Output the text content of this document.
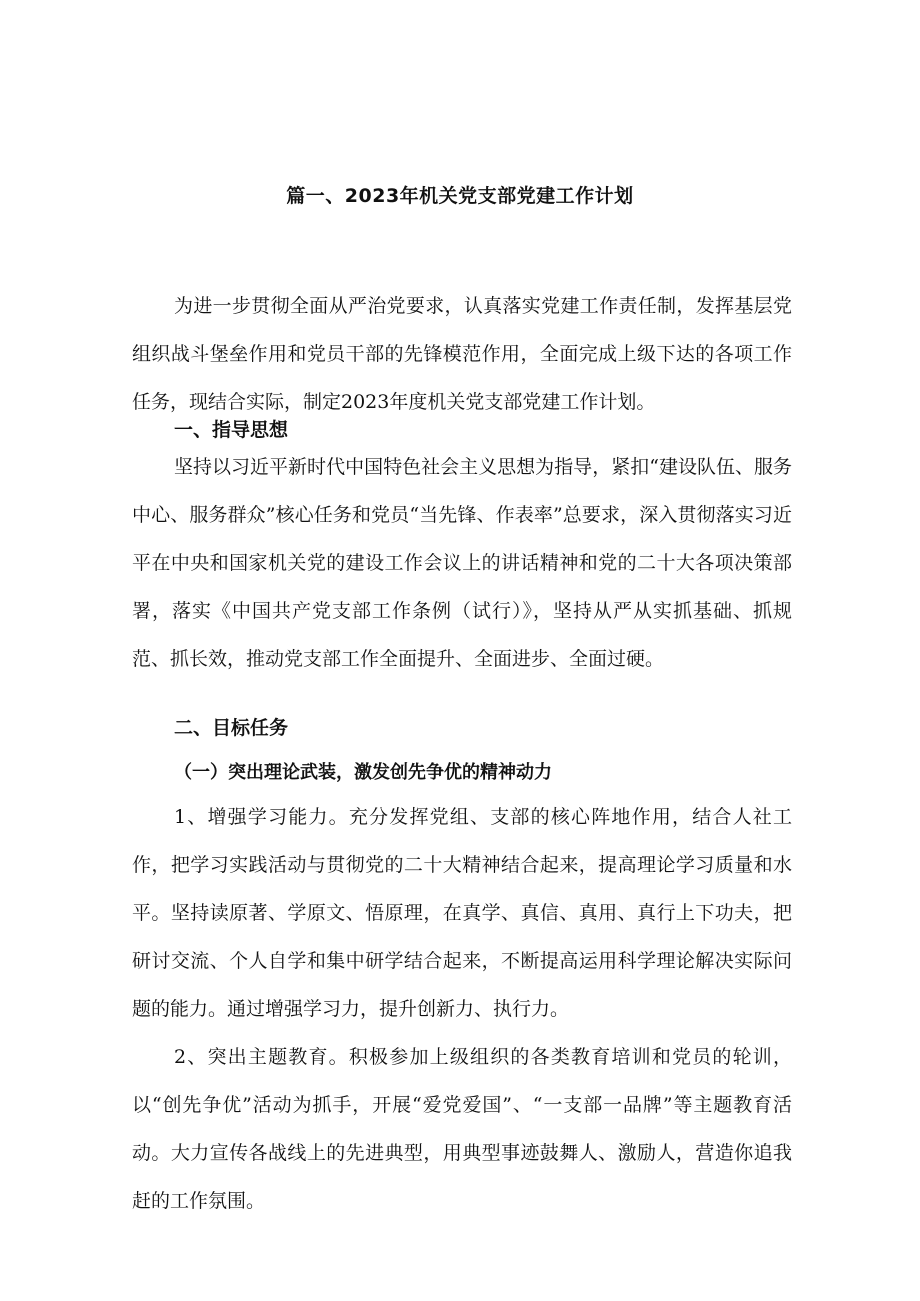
篇一、2023年机关党支部党建工作计划

为进一步贯彻全面从严治党要求，认真落实党建工作责任制，发挥基层党组织战斗堡垒作用和党员干部的先锋模范作用，全面完成上级下达的各项工作任务，现结合实际，制定2023年度机关党支部党建工作计划。

一、指导思想

坚持以习近平新时代中国特色社会主义思想为指导，紧扣“建设队伍、服务中心、服务群众”核心任务和党员“当先锋、作表率”总要求，深入贯彻落实习近平在中央和国家机关党的建设工作会议上的讲话精神和党的二十大各项决策部署，落实《中国共产党支部工作条例（试行）》，坚持从严从实抓基础、抓规范、抓长效，推动党支部工作全面提升、全面进步、全面过硬。

二、目标任务
（一）突出理论武装，激发创先争优的精神动力

1、增强学习能力。充分发挥党组、支部的核心阵地作用，结合人社工作，把学习实践活动与贯彻党的二十大精神结合起来，提高理论学习质量和水平。坚持读原著、学原文、悟原理，在真学、真信、真用、真行上下功夫，把研讨交流、个人自学和集中研学结合起来，不断提高运用科学理论解决实际问题的能力。通过增强学习力，提升创新力、执行力。

2、突出主题教育。积极参加上级组织的各类教育培训和党员的轮训，以“创先争优”活动为抓手，开展“爱党爱国”、“一支部一品牌”等主题教育活动。大力宣传各战线上的先进典型，用典型事迹鼓舞人、激励人，营造你追我赶的工作氛围。
